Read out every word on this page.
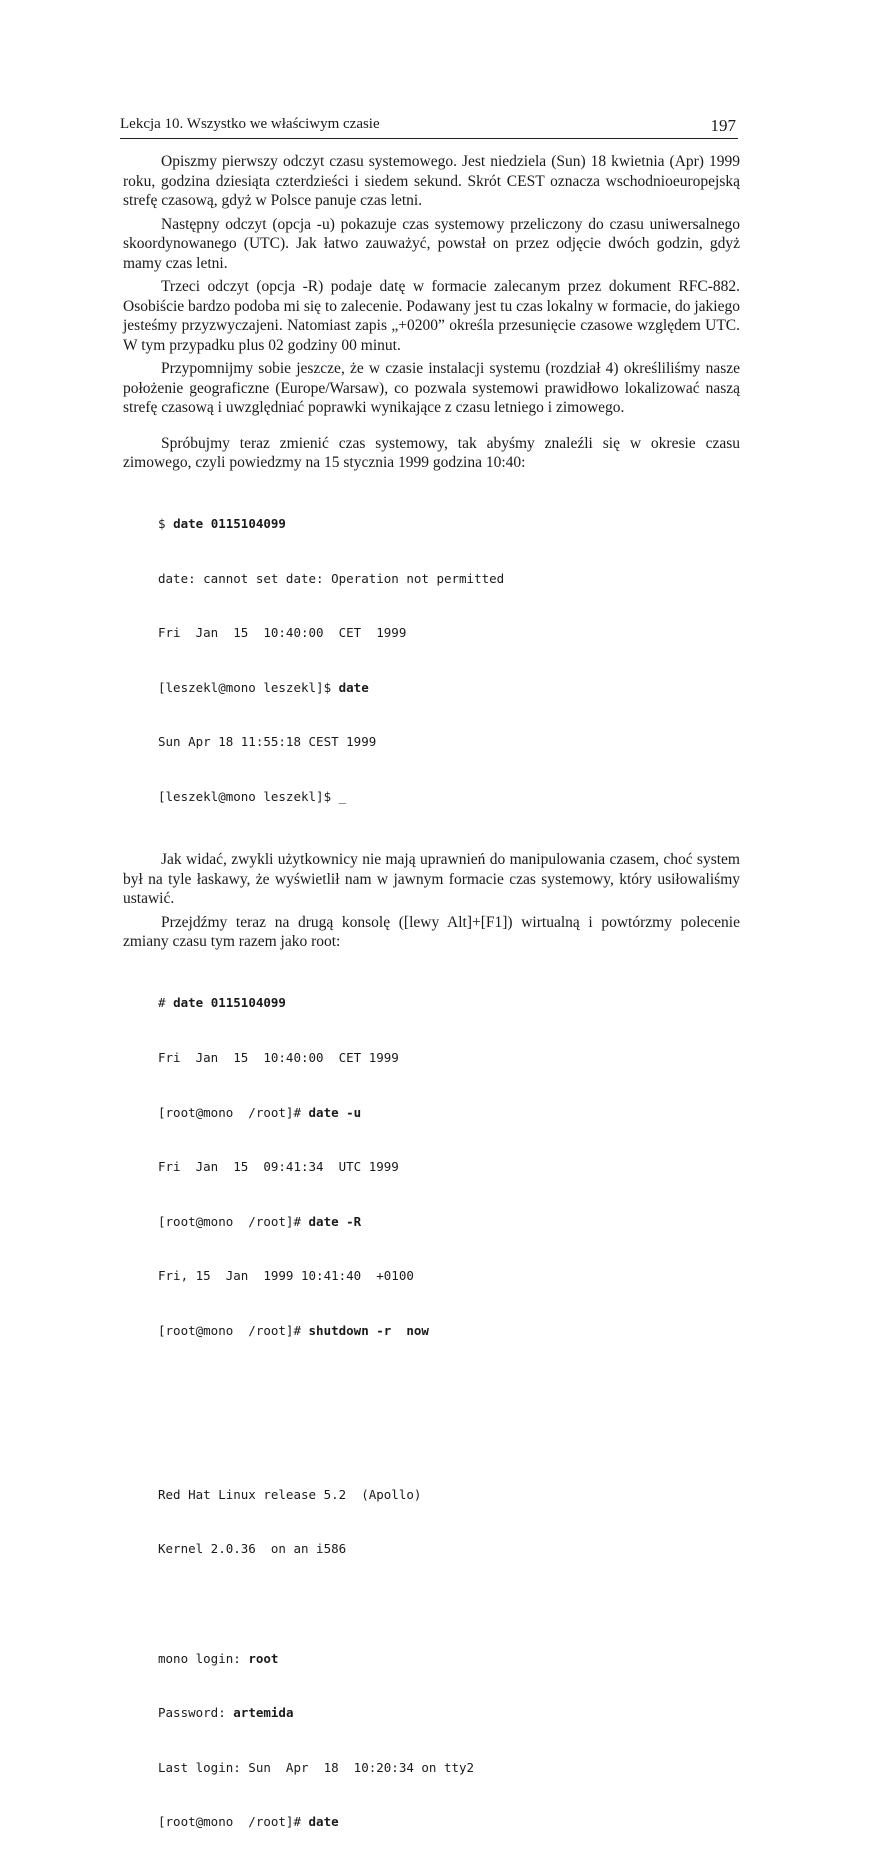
Lekcja 10. Wszystko we właściwym czasie	197

Opiszmy pierwszy odczyt czasu systemowego. Jest niedziela (Sun) 18 kwietnia (Apr) 1999 roku, godzina dziesiąta czterdzieści i siedem sekund. Skrót CEST oznacza wschodnioeuropejską strefę czasową, gdyż w Polsce panuje czas letni.

Następny odczyt (opcja -u) pokazuje czas systemowy przeliczony do czasu uniwersalnego skoordynowanego (UTC). Jak łatwo zauważyć, powstał on przez odjęcie dwóch godzin, gdyż mamy czas letni.

Trzeci odczyt (opcja -R) podaje datę w formacie zalecanym przez dokument RFC-882. Osobiście bardzo podoba mi się to zalecenie. Podawany jest tu czas lokalny w formacie, do jakiego jesteśmy przyzwyczajeni. Natomiast zapis „+0200” określa przesunięcie czasowe względem UTC. W tym przypadku plus 02 godziny 00 minut.

Przypomnijmy sobie jeszcze, że w czasie instalacji systemu (rozdział 4) określiliśmy nasze położenie geograficzne (Europe/Warsaw), co pozwala systemowi prawidłowo lokalizować naszą strefę czasową i uwzględniać poprawki wynikające z czasu letniego i zimowego.

Spróbujmy teraz zmienić czas systemowy, tak abyśmy znaleźli się w okresie czasu zimowego, czyli powiedzmy na 15 stycznia 1999 godzina 10:40:

$ date 0115104099

date: cannot set date: Operation not permitted

Fri  Jan  15  10:40:00  CET  1999

[leszekl@mono leszekl]$ date

Sun Apr 18 11:55:18 CEST 1999

[leszekl@mono leszekl]$ _

Jak widać, zwykli użytkownicy nie mają uprawnień do manipulowania czasem, choć system był na tyle łaskawy, że wyświetlił nam w jawnym formacie czas systemowy, który usiłowaliśmy ustawić.

Przejdźmy teraz na drugą konsolę ([lewy Alt]+[F1]) wirtualną i powtórzmy polecenie zmiany czasu tym razem jako root:

# date 0115104099

Fri  Jan  15  10:40:00  CET 1999

[root@mono  /root]# date -u

Fri  Jan  15  09:41:34  UTC 1999

[root@mono  /root]# date -R

Fri, 15  Jan  1999 10:41:40  +0100

[root@mono  /root]# shutdown -r  now

Red Hat Linux release 5.2  (Apollo)

Kernel 2.0.36  on an i586

mono login: root

Password: artemida

Last login: Sun  Apr  18  10:20:34 on tty2

[root@mono  /root]# date
